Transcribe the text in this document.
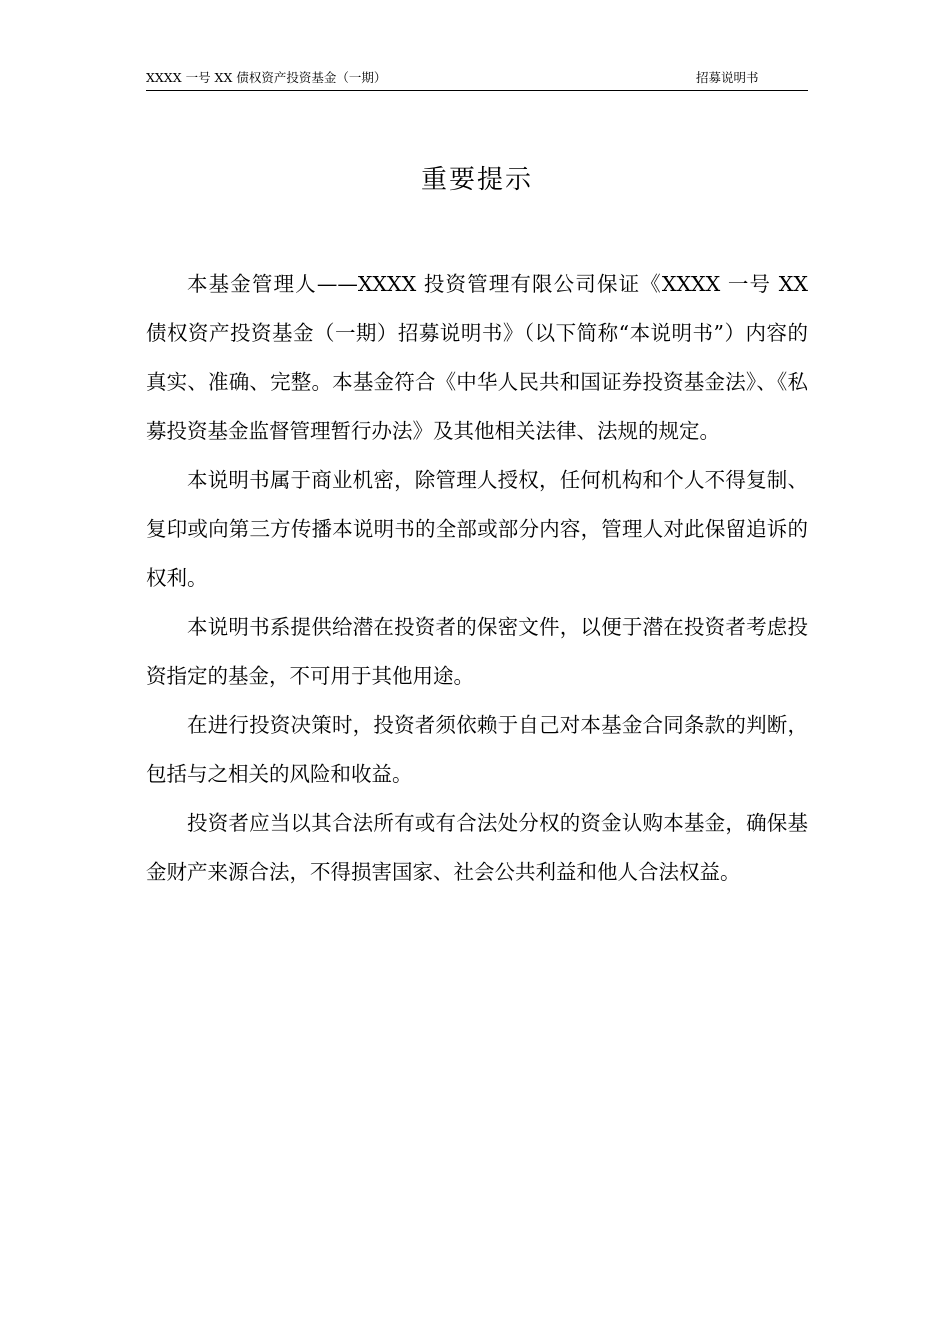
XXXX 一号 XX 债权资产投资基金（一期）	招募说明书
重要提示

本基金管理人——XXXX 投资管理有限公司保证《XXXX 一号 XX 债权资产投资基金（一期）招募说明书》（以下简称“本说明书”）内容的真实、准确、完整。本基金符合《中华人民共和国证券投资基金法》、《私募投资基金监督管理暂行办法》及其他相关法律、法规的规定。

本说明书属于商业机密，除管理人授权，任何机构和个人不得复制、复印或向第三方传播本说明书的全部或部分内容，管理人对此保留追诉的权利。

本说明书系提供给潜在投资者的保密文件，以便于潜在投资者考虑投资指定的基金，不可用于其他用途。

在进行投资决策时，投资者须依赖于自己对本基金合同条款的判断，包括与之相关的风险和收益。

投资者应当以其合法所有或有合法处分权的资金认购本基金，确保基金财产来源合法，不得损害国家、社会公共利益和他人合法权益。
